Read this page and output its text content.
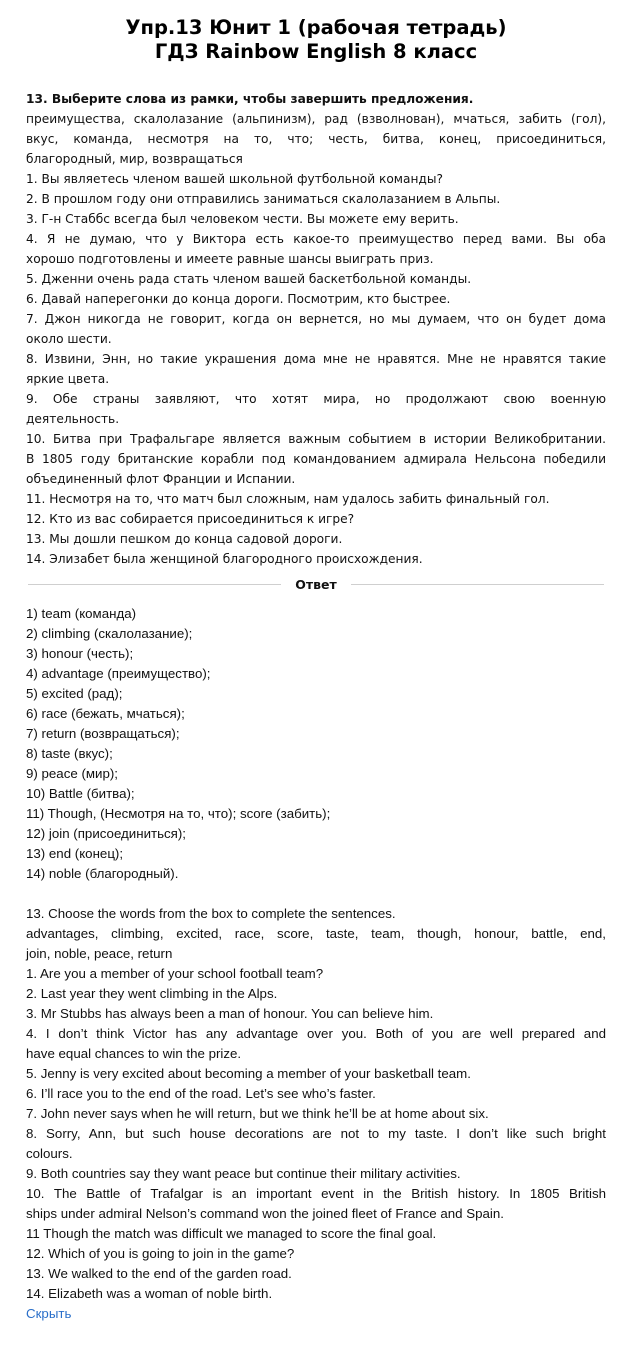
Упр.13 Юнит 1 (рабочая тетрадь)
ГДЗ Rainbow English 8 класс
13. Выберите слова из рамки, чтобы завершить предложения.
преимущества, скалолазание (альпинизм), рад (взволнован), мчаться, забить (гол),
вкус, команда, несмотря на то, что; честь, битва, конец, присоединиться,
благородный, мир, возвращаться
1. Вы являетесь членом вашей школьной футбольной команды?
2. В прошлом году они отправились заниматься скалолазанием в Альпы.
3. Г-н Стаббс всегда был человеком чести. Вы можете ему верить.
4. Я не думаю, что у Виктора есть какое-то преимущество перед вами. Вы оба
хорошо подготовлены и имеете равные шансы выиграть приз.
5. Дженни очень рада стать членом вашей баскетбольной команды.
6. Давай наперегонки до конца дороги. Посмотрим, кто быстрее.
7. Джон никогда не говорит, когда он вернется, но мы думаем, что он будет дома
около шести.
8. Извини, Энн, но такие украшения дома мне не нравятся. Мне не нравятся такие
яркие цвета.
9. Обе страны заявляют, что хотят мира, но продолжают свою военную
деятельность.
10. Битва при Трафальгаре является важным событием в истории Великобритании.
В 1805 году британские корабли под командованием адмирала Нельсона победили
объединенный флот Франции и Испании.
11. Несмотря на то, что матч был сложным, нам удалось забить финальный гол.
12. Кто из вас собирается присоединиться к игре?
13. Мы дошли пешком до конца садовой дороги.
14. Элизабет была женщиной благородного происхождения.
Ответ
1) team (команда)
2) climbing (скалолазание);
3) honour (честь);
4) advantage (преимущество);
5) excited (рад);
6) race (бежать, мчаться);
7) return (возвращаться);
8) taste (вкус);
9) peace (мир);
10) Battle (битва);
11) Though, (Несмотря на то, что); score (забить);
12) join (присоединиться);
13) end (конец);
14) noble (благородный).
13. Choose the words from the box to complete the sentences.
advantages, climbing, excited, race, score, taste, team, though, honour, battle, end,
join, noble, peace, return
1. Are you a member of your school football team?
2. Last year they went climbing in the Alps.
3. Mr Stubbs has always been a man of honour. You can believe him.
4. I don’t think Victor has any advantage over you. Both of you are well prepared and
have equal chances to win the prize.
5. Jenny is very excited about becoming a member of your basketball team.
6. I’ll race you to the end of the road. Let’s see who’s faster.
7. John never says when he will return, but we think he’ll be at home about six.
8. Sorry, Ann, but such house decorations are not to my taste. I don’t like such bright
colours.
9. Both countries say they want peace but continue their military activities.
10. The Battle of Trafalgar is an important event in the British history. In 1805 British
ships under admiral Nelson’s command won the joined fleet of France and Spain.
11 Though the match was difficult we managed to score the final goal.
12. Which of you is going to join in the game?
13. We walked to the end of the garden road.
14. Elizabeth was a woman of noble birth.
Скрыть
